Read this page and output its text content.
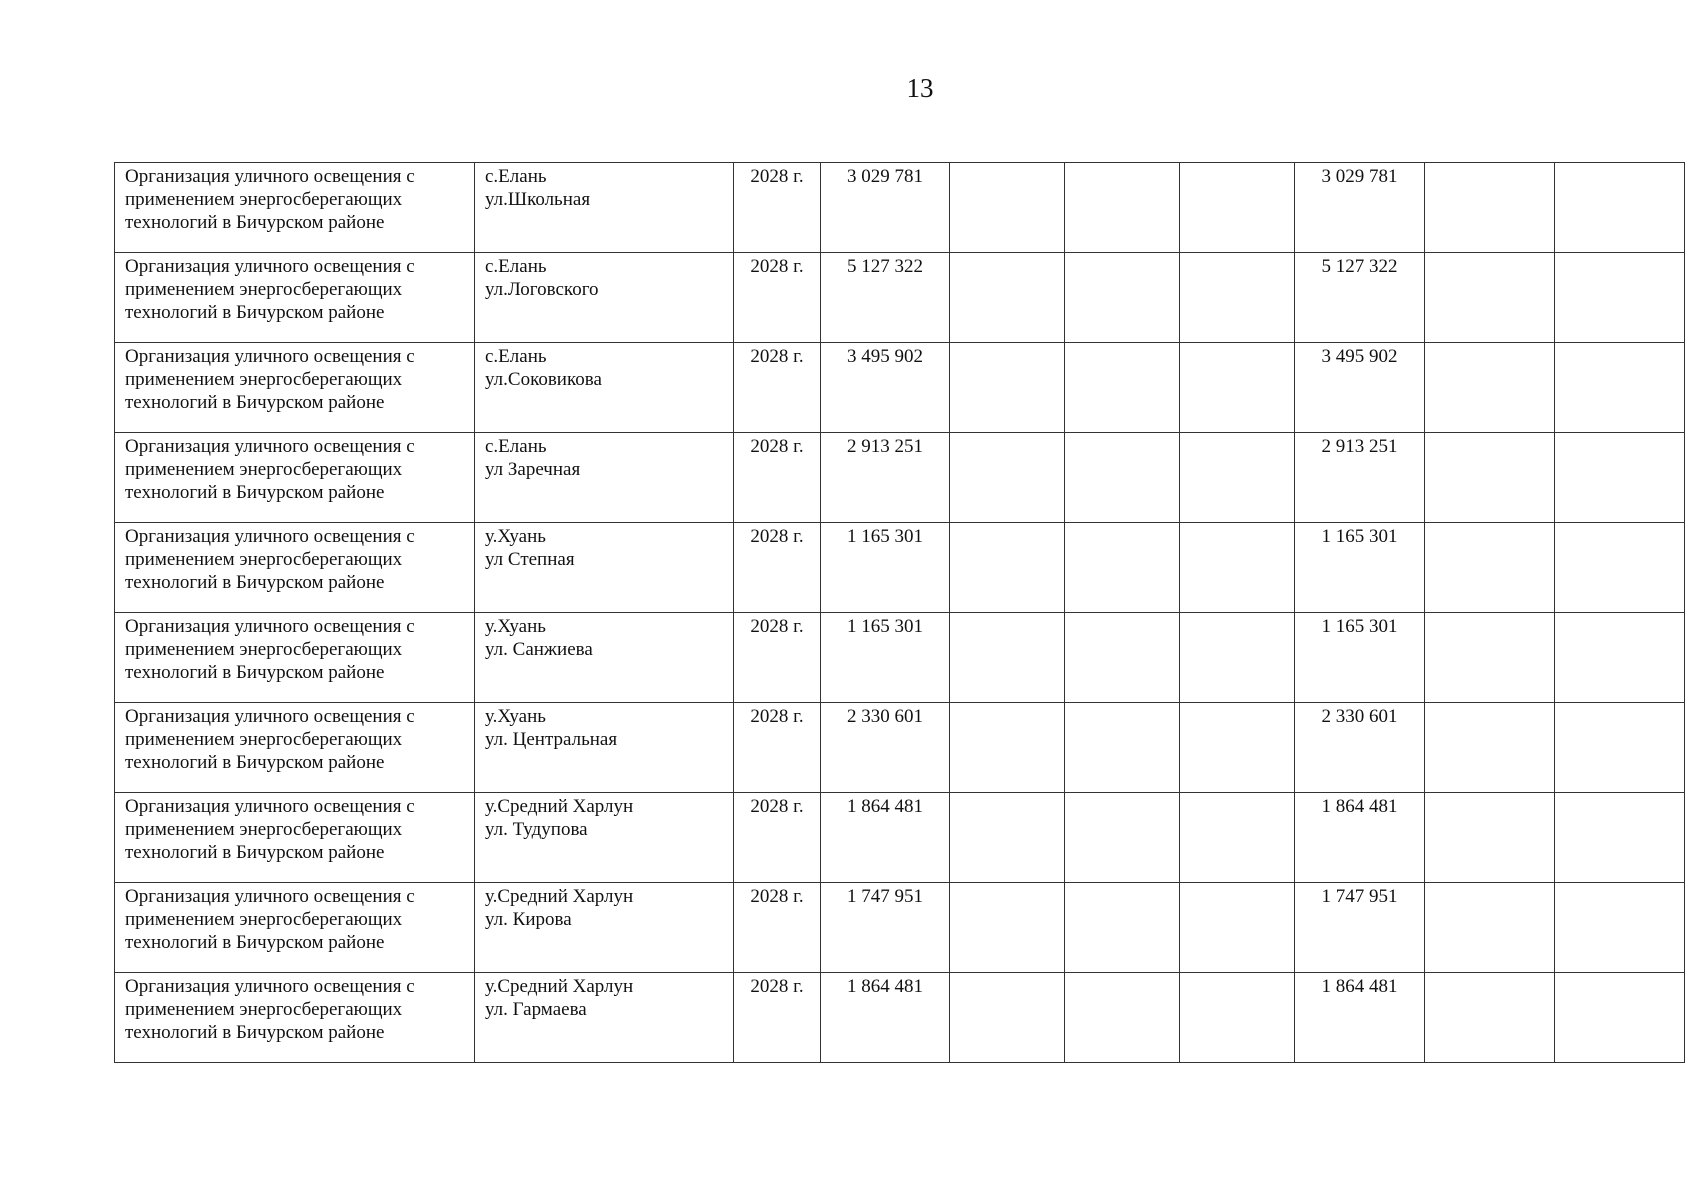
13
Организация уличного освещения с
применением энергосберегающих
технологий в Бичурском районе	с.Елань
ул.Школьная	2028 г.	3 029 781				3 029 781		

Организация уличного освещения с
применением энергосберегающих
технологий в Бичурском районе	с.Елань
ул.Логовского	2028 г.	5 127 322				5 127 322		

Организация уличного освещения с
применением энергосберегающих
технологий в Бичурском районе	с.Елань
ул.Соковикова	2028 г.	3 495 902				3 495 902		

Организация уличного освещения с
применением энергосберегающих
технологий в Бичурском районе	с.Елань
ул Заречная	2028 г.	2 913 251				2 913 251		

Организация уличного освещения с
применением энергосберегающих
технологий в Бичурском районе	у.Хуань
ул Степная	2028 г.	1 165 301				1 165 301		

Организация уличного освещения с
применением энергосберегающих
технологий в Бичурском районе	у.Хуань
ул. Санжиева	2028 г.	1 165 301				1 165 301		

Организация уличного освещения с
применением энергосберегающих
технологий в Бичурском районе	у.Хуань
ул. Центральная	2028 г.	2 330 601				2 330 601		

Организация уличного освещения с
применением энергосберегающих
технологий в Бичурском районе	у.Средний Харлун
ул. Тудупова	2028 г.	1 864 481				1 864 481		

Организация уличного освещения с
применением энергосберегающих
технологий в Бичурском районе	у.Средний Харлун
ул. Кирова	2028 г.	1 747 951				1 747 951		

Организация уличного освещения с
применением энергосберегающих
технологий в Бичурском районе	у.Средний Харлун
ул. Гармаева	2028 г.	1 864 481				1 864 481		
